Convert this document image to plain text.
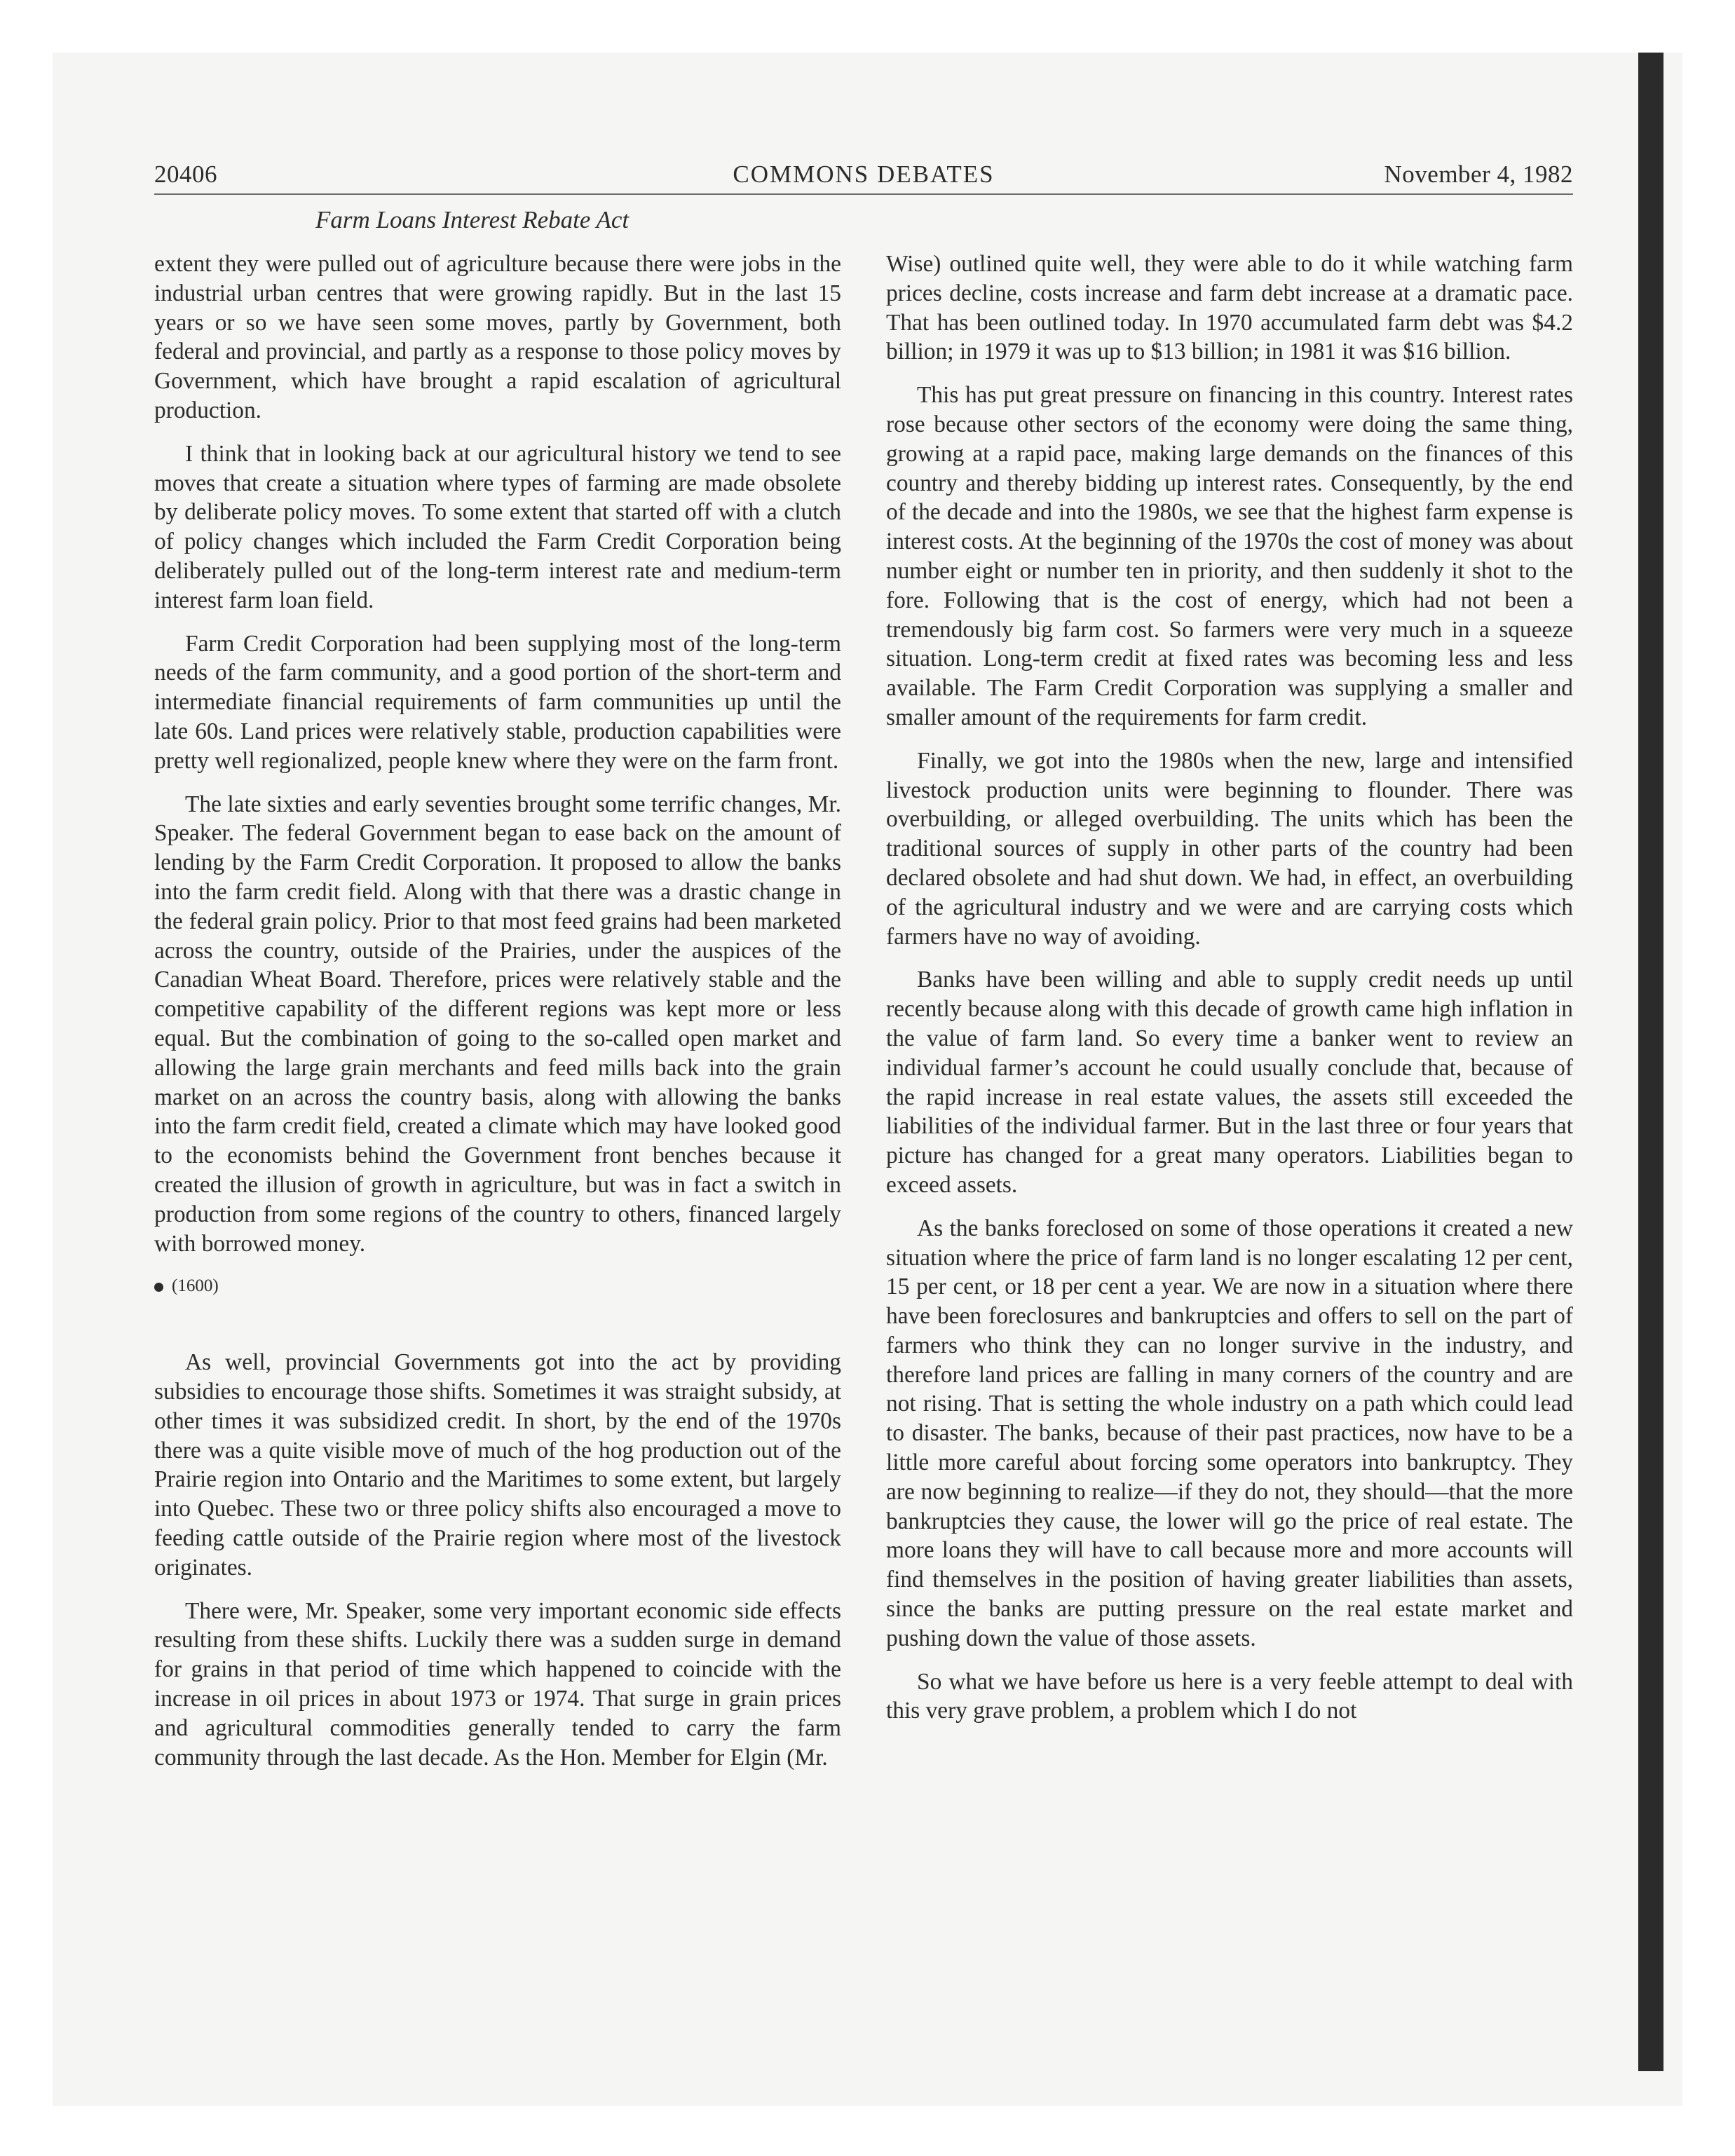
20406	COMMONS DEBATES	November 4, 1982
Farm Loans Interest Rebate Act

extent they were pulled out of agriculture because there were jobs in the industrial urban centres that were growing rapidly. But in the last 15 years or so we have seen some moves, partly by Government, both federal and provincial, and partly as a response to those policy moves by Government, which have brought a rapid escalation of agricultural production.

I think that in looking back at our agricultural history we tend to see moves that create a situation where types of farming are made obsolete by deliberate policy moves. To some extent that started off with a clutch of policy changes which included the Farm Credit Corporation being deliberately pulled out of the long-term interest rate and medium-term interest farm loan field.

Farm Credit Corporation had been supplying most of the long-term needs of the farm community, and a good portion of the short-term and intermediate financial requirements of farm communities up until the late 60s. Land prices were relatively stable, production capabilities were pretty well regionalized, people knew where they were on the farm front.

The late sixties and early seventies brought some terrific changes, Mr. Speaker. The federal Government began to ease back on the amount of lending by the Farm Credit Corporation. It proposed to allow the banks into the farm credit field. Along with that there was a drastic change in the federal grain policy. Prior to that most feed grains had been marketed across the country, outside of the Prairies, under the auspices of the Canadian Wheat Board. Therefore, prices were relatively stable and the competitive capability of the different regions was kept more or less equal. But the combination of going to the so-called open market and allowing the large grain merchants and feed mills back into the grain market on an across the country basis, along with allowing the banks into the farm credit field, created a climate which may have looked good to the economists behind the Government front benches because it created the illusion of growth in agriculture, but was in fact a switch in production from some regions of the country to others, financed largely with borrowed money.

(1600)

As well, provincial Governments got into the act by providing subsidies to encourage those shifts. Sometimes it was straight subsidy, at other times it was subsidized credit. In short, by the end of the 1970s there was a quite visible move of much of the hog production out of the Prairie region into Ontario and the Maritimes to some extent, but largely into Quebec. These two or three policy shifts also encouraged a move to feeding cattle outside of the Prairie region where most of the livestock originates.

There were, Mr. Speaker, some very important economic side effects resulting from these shifts. Luckily there was a sudden surge in demand for grains in that period of time which happened to coincide with the increase in oil prices in about 1973 or 1974. That surge in grain prices and agricultural commodities generally tended to carry the farm community through the last decade. As the Hon. Member for Elgin (Mr.

Wise) outlined quite well, they were able to do it while watching farm prices decline, costs increase and farm debt increase at a dramatic pace. That has been outlined today. In 1970 accumulated farm debt was $4.2 billion; in 1979 it was up to $13 billion; in 1981 it was $16 billion.

This has put great pressure on financing in this country. Interest rates rose because other sectors of the economy were doing the same thing, growing at a rapid pace, making large demands on the finances of this country and thereby bidding up interest rates. Consequently, by the end of the decade and into the 1980s, we see that the highest farm expense is interest costs. At the beginning of the 1970s the cost of money was about number eight or number ten in priority, and then suddenly it shot to the fore. Following that is the cost of energy, which had not been a tremendously big farm cost. So farmers were very much in a squeeze situation. Long-term credit at fixed rates was becoming less and less available. The Farm Credit Corporation was supplying a smaller and smaller amount of the requirements for farm credit.

Finally, we got into the 1980s when the new, large and intensified livestock production units were beginning to flounder. There was overbuilding, or alleged overbuilding. The units which has been the traditional sources of supply in other parts of the country had been declared obsolete and had shut down. We had, in effect, an overbuilding of the agricultural industry and we were and are carrying costs which farmers have no way of avoiding.

Banks have been willing and able to supply credit needs up until recently because along with this decade of growth came high inflation in the value of farm land. So every time a banker went to review an individual farmer’s account he could usually conclude that, because of the rapid increase in real estate values, the assets still exceeded the liabilities of the individual farmer. But in the last three or four years that picture has changed for a great many operators. Liabilities began to exceed assets.

As the banks foreclosed on some of those operations it created a new situation where the price of farm land is no longer escalating 12 per cent, 15 per cent, or 18 per cent a year. We are now in a situation where there have been foreclosures and bankruptcies and offers to sell on the part of farmers who think they can no longer survive in the industry, and therefore land prices are falling in many corners of the country and are not rising. That is setting the whole industry on a path which could lead to disaster. The banks, because of their past practices, now have to be a little more careful about forcing some operators into bankruptcy. They are now beginning to realize—if they do not, they should—that the more bankruptcies they cause, the lower will go the price of real estate. The more loans they will have to call because more and more accounts will find themselves in the position of having greater liabilities than assets, since the banks are putting pressure on the real estate market and pushing down the value of those assets.

So what we have before us here is a very feeble attempt to deal with this very grave problem, a problem which I do not
